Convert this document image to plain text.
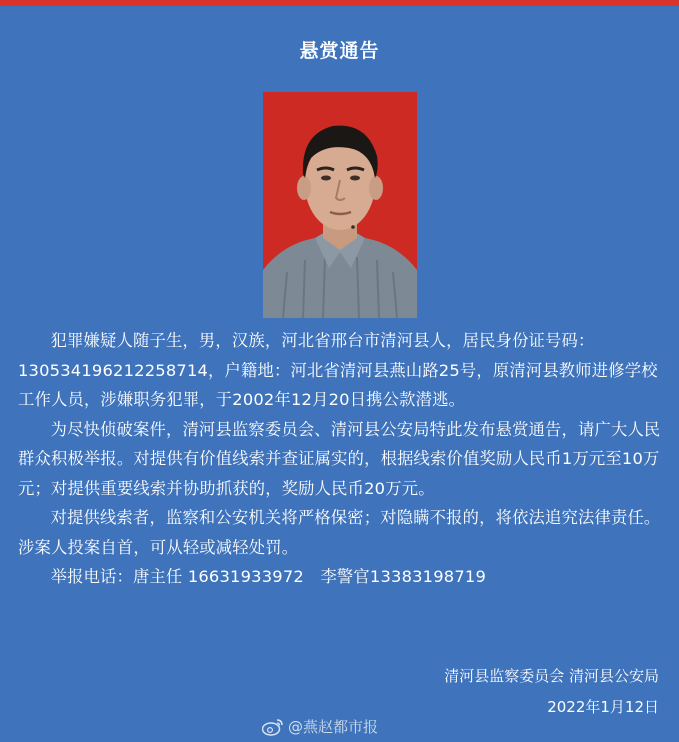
悬赏通告

犯罪嫌疑人随子生，男，汉族，河北省邢台市清河县人，居民身份证号码：130534196212258714，户籍地：河北省清河县燕山路25号，原清河县教师进修学校工作人员，涉嫌职务犯罪，于2002年12月20日携公款潜逃。

为尽快侦破案件，清河县监察委员会、清河县公安局特此发布悬赏通告，请广大人民群众积极举报。对提供有价值线索并查证属实的，根据线索价值奖励人民币1万元至10万元；对提供重要线索并协助抓获的，奖励人民币20万元。

对提供线索者，监察和公安机关将严格保密；对隐瞒不报的，将依法追究法律责任。涉案人投案自首，可从轻或减轻处罚。

举报电话：唐主任 16631933972　李警官13383198719

清河县监察委员会 清河县公安局
2022年1月12日
@燕赵都市报
